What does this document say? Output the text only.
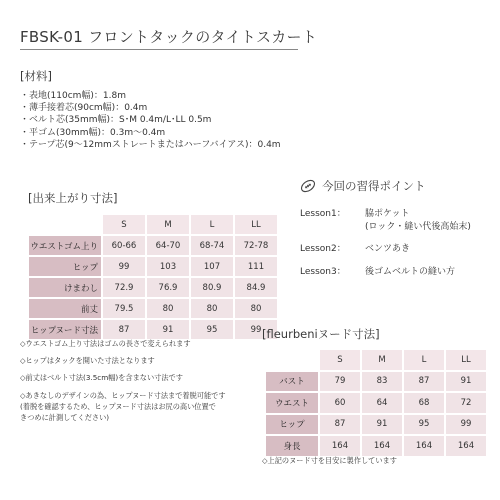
FBSK-01 フロントタックのタイトスカート
[材料]
・表地(110cm幅)：1.8m
・薄手接着芯(90cm幅)：0.4m
・ベルト芯(35mm幅)：S･M 0.4m/L･LL 0.5m
・平ゴム(30mm幅)：0.3m～0.4m
・テープ芯(9～12mmストレートまたはハーフバイアス)：0.4m
[出来上がり寸法]
	S	M	L	LL
ウエストゴム上り	60-66	64-70	68-74	72-78
ヒップ	99	103	107	111
けまわし	72.9	76.9	80.9	84.9
前丈	79.5	80	80	80
ヒップヌード寸法	87	91	95	99
◇ウエストゴム上り寸法はゴムの長さで変えられます
◇ヒップはタックを開いた寸法となります
◇前丈はベルト寸法(3.5cm幅)を含まない寸法です
◇あきなしのデザインの為、ヒップヌード寸法まで着脱可能です
(着脱を確認するため、ヒップヌード寸法はお尻の高い位置で
きつめに計測してください)
今回の習得ポイント
Lesson1：	脇ポケット
(ロック・縫い代後高始末)
Lesson2：	ベンツあき
Lesson3：	後ゴムベルトの縫い方
[fleurbeniヌード寸法]
	S	M	L	LL
バスト	79	83	87	91
ウエスト	60	64	68	72
ヒップ	87	91	95	99
身長	164	164	164	164
◇上記のヌード寸を目安に製作しています
